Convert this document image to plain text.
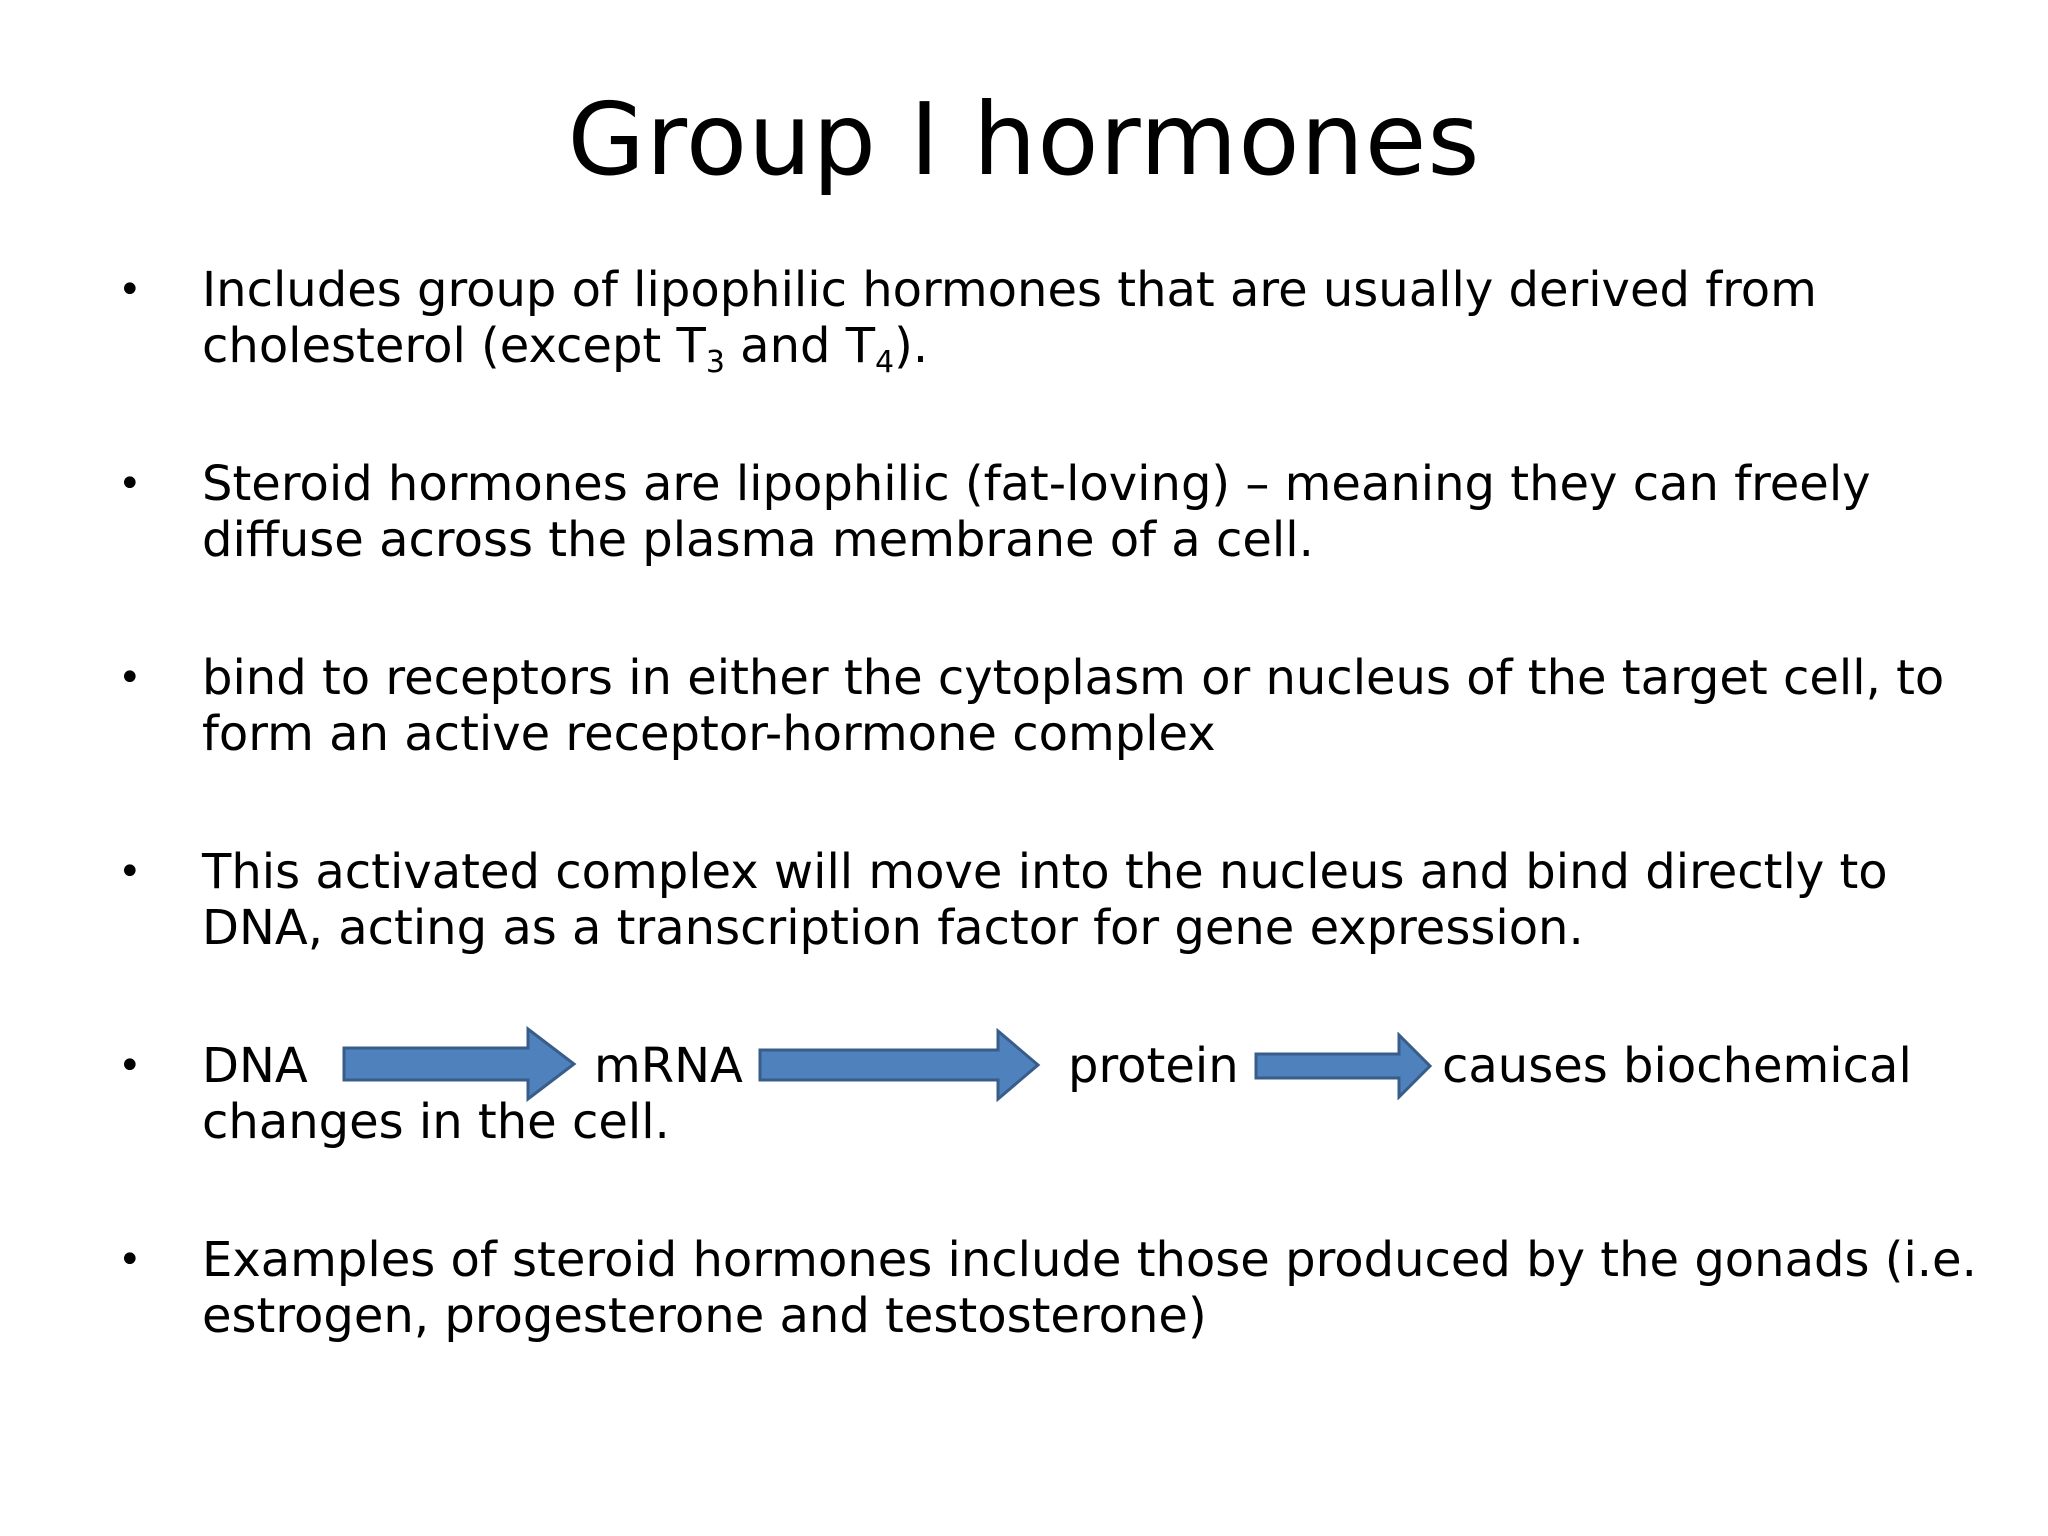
Group I hormones
•	Includes group of lipophilic hormones that are usually derived from
cholesterol (except $T_3$ and $T_4$).
•	Steroid hormones are lipophilic (fat-loving) – meaning they can freely
diffuse across the plasma membrane of a cell.
•	bind to receptors in either the cytoplasm or nucleus of the target cell, to
form an active receptor-hormone complex
•	This activated complex will move into the nucleus and bind directly to
DNA, acting as a transcription factor for gene expression.
•	DNA	mRNA	protein	causes biochemical
changes in the cell.
•	Examples of steroid hormones include those produced by the gonads (i.e.
estrogen, progesterone and testosterone)
